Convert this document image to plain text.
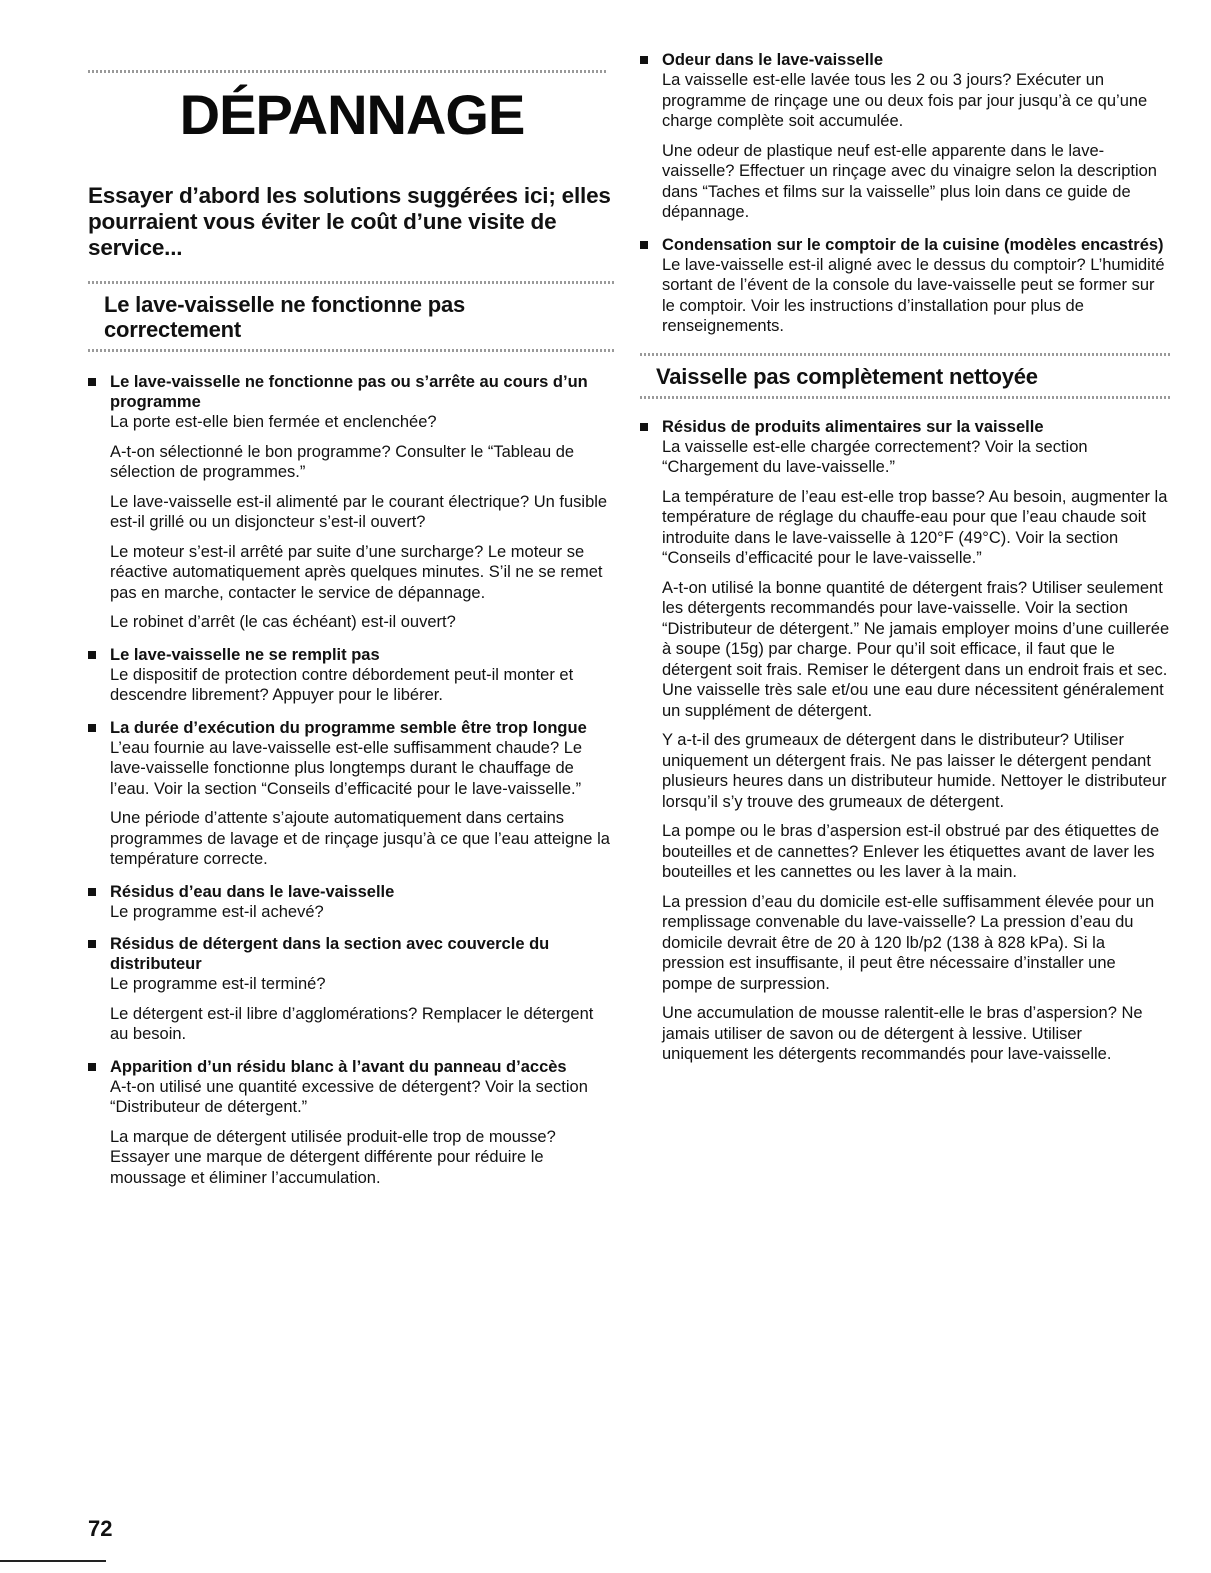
DÉPANNAGE
Essayer d’abord les solutions suggérées ici; elles pourraient vous éviter le coût d’une visite de service...
Le lave-vaisselle ne fonctionne pas correctement
Le lave-vaisselle ne fonctionne pas ou s’arrête au cours d’un programme

La porte est-elle bien fermée et enclenchée?

A-t-on sélectionné le bon programme? Consulter le “Tableau de sélection de programmes.”

Le lave-vaisselle est-il alimenté par le courant électrique? Un fusible est-il grillé ou un disjoncteur s’est-il ouvert?

Le moteur s’est-il arrêté par suite d’une surcharge? Le moteur se réactive automatiquement après quelques minutes. S’il ne se remet pas en marche, contacter le service de dépannage.

Le robinet d’arrêt (le cas échéant) est-il ouvert?

Le lave-vaisselle ne se remplit pas

Le dispositif de protection contre débordement peut-il monter et descendre librement? Appuyer pour le libérer.

La durée d’exécution du programme semble être trop longue

L’eau fournie au lave-vaisselle est-elle suffisamment chaude? Le lave-vaisselle fonctionne plus longtemps durant le chauffage de l’eau. Voir la section “Conseils d’efficacité pour le lave-vaisselle.”

Une période d’attente s’ajoute automatiquement dans certains programmes de lavage et de rinçage jusqu’à ce que l’eau atteigne la température correcte.

Résidus d’eau dans le lave-vaisselle

Le programme est-il achevé?

Résidus de détergent dans la section avec couvercle du distributeur

Le programme est-il terminé?

Le détergent est-il libre d’agglomérations? Remplacer le détergent au besoin.

Apparition d’un résidu blanc à l’avant du panneau d’accès

A-t-on utilisé une quantité excessive de détergent? Voir la section “Distributeur de détergent.”

La marque de détergent utilisée produit-elle trop de mousse? Essayer une marque de détergent différente pour réduire le moussage et éliminer l’accumulation.

Odeur dans le lave-vaisselle

La vaisselle est-elle lavée tous les 2 ou 3 jours? Exécuter un programme de rinçage une ou deux fois par jour jusqu’à ce qu’une charge complète soit accumulée.

Une odeur de plastique neuf est-elle apparente dans le lave-vaisselle? Effectuer un rinçage avec du vinaigre selon la description dans “Taches et films sur la vaisselle” plus loin dans ce guide de dépannage.

Condensation sur le comptoir de la cuisine (modèles encastrés)

Le lave-vaisselle est-il aligné avec le dessus du comptoir? L’humidité sortant de l’évent de la console du lave-vaisselle peut se former sur le comptoir. Voir les instructions d’installation pour plus de renseignements.

Vaisselle pas complètement nettoyée
Résidus de produits alimentaires sur la vaisselle

La vaisselle est-elle chargée correctement? Voir la section “Chargement du lave-vaisselle.”

La température de l’eau est-elle trop basse? Au besoin, augmenter la température de réglage du chauffe-eau pour que l’eau chaude soit introduite dans le lave-vaisselle à 120°F (49°C). Voir la section “Conseils d’efficacité pour le lave-vaisselle.”

A-t-on utilisé la bonne quantité de détergent frais? Utiliser seulement les détergents recommandés pour lave-vaisselle. Voir la section “Distributeur de détergent.” Ne jamais employer moins d’une cuillerée à soupe (15g) par charge. Pour qu’il soit efficace, il faut que le détergent soit frais. Remiser le détergent dans un endroit frais et sec. Une vaisselle très sale et/ou une eau dure nécessitent généralement un supplément de détergent.

Y a-t-il des grumeaux de détergent dans le distributeur? Utiliser uniquement un détergent frais. Ne pas laisser le détergent pendant plusieurs heures dans un distributeur humide. Nettoyer le distributeur lorsqu’il s’y trouve des grumeaux de détergent.

La pompe ou le bras d’aspersion est-il obstrué par des étiquettes de bouteilles et de cannettes? Enlever les étiquettes avant de laver les bouteilles et les cannettes ou les laver à la main.

La pression d’eau du domicile est-elle suffisamment élevée pour un remplissage convenable du lave-vaisselle? La pression d’eau du domicile devrait être de 20 à 120 lb/p2 (138 à 828 kPa). Si la pression est insuffisante, il peut être nécessaire d’installer une pompe de surpression.

Une accumulation de mousse ralentit-elle le bras d’aspersion? Ne jamais utiliser de savon ou de détergent à lessive. Utiliser uniquement les détergents recommandés pour lave-vaisselle.

72
